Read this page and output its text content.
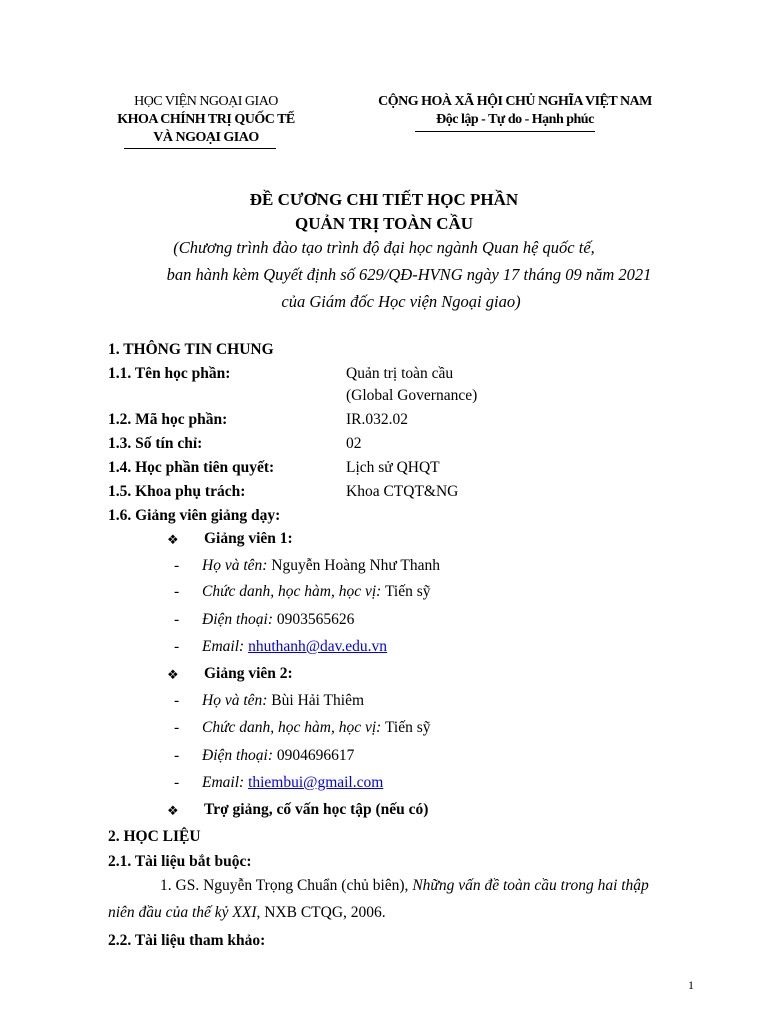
HỌC VIỆN NGOẠI GIAO
KHOA CHÍNH TRỊ QUỐC TẾ
VÀ NGOẠI GIAO
CỘNG HOÀ XÃ HỘI CHỦ NGHĨA VIỆT NAM
Độc lập - Tự do - Hạnh phúc
ĐỀ CƯƠNG CHI TIẾT HỌC PHẦN
QUẢN TRỊ TOÀN CẦU
(Chương trình đào tạo trình độ đại học ngành Quan hệ quốc tế,
ban hành kèm Quyết định số 629/QĐ-HVNG ngày 17 tháng 09 năm 2021
của Giám đốc Học viện Ngoại giao)
1. THÔNG TIN CHUNG
1.1. Tên học phần:	Quản trị toàn cầu
(Global Governance)
1.2. Mã học phần:	IR.032.02
1.3. Số tín chỉ:	02
1.4. Học phần tiên quyết:	Lịch sử QHQT
1.5. Khoa phụ trách:	Khoa CTQT&NG
1.6. Giảng viên giảng dạy:
❖ Giảng viên 1:
- Họ và tên: Nguyễn Hoàng Như Thanh
- Chức danh, học hàm, học vị: Tiến sỹ
- Điện thoại: 0903565626
- Email: nhuthanh@dav.edu.vn
❖ Giảng viên 2:
- Họ và tên: Bùi Hải Thiêm
- Chức danh, học hàm, học vị: Tiến sỹ
- Điện thoại: 0904696617
- Email: thiembui@gmail.com
❖ Trợ giảng, cố vấn học tập (nếu có)
2. HỌC LIỆU
2.1. Tài liệu bắt buộc:
1. GS. Nguyễn Trọng Chuẩn (chủ biên), Những vấn đề toàn cầu trong hai thập
niên đầu của thế kỷ XXI, NXB CTQG, 2006.
2.2. Tài liệu tham khảo:
1
